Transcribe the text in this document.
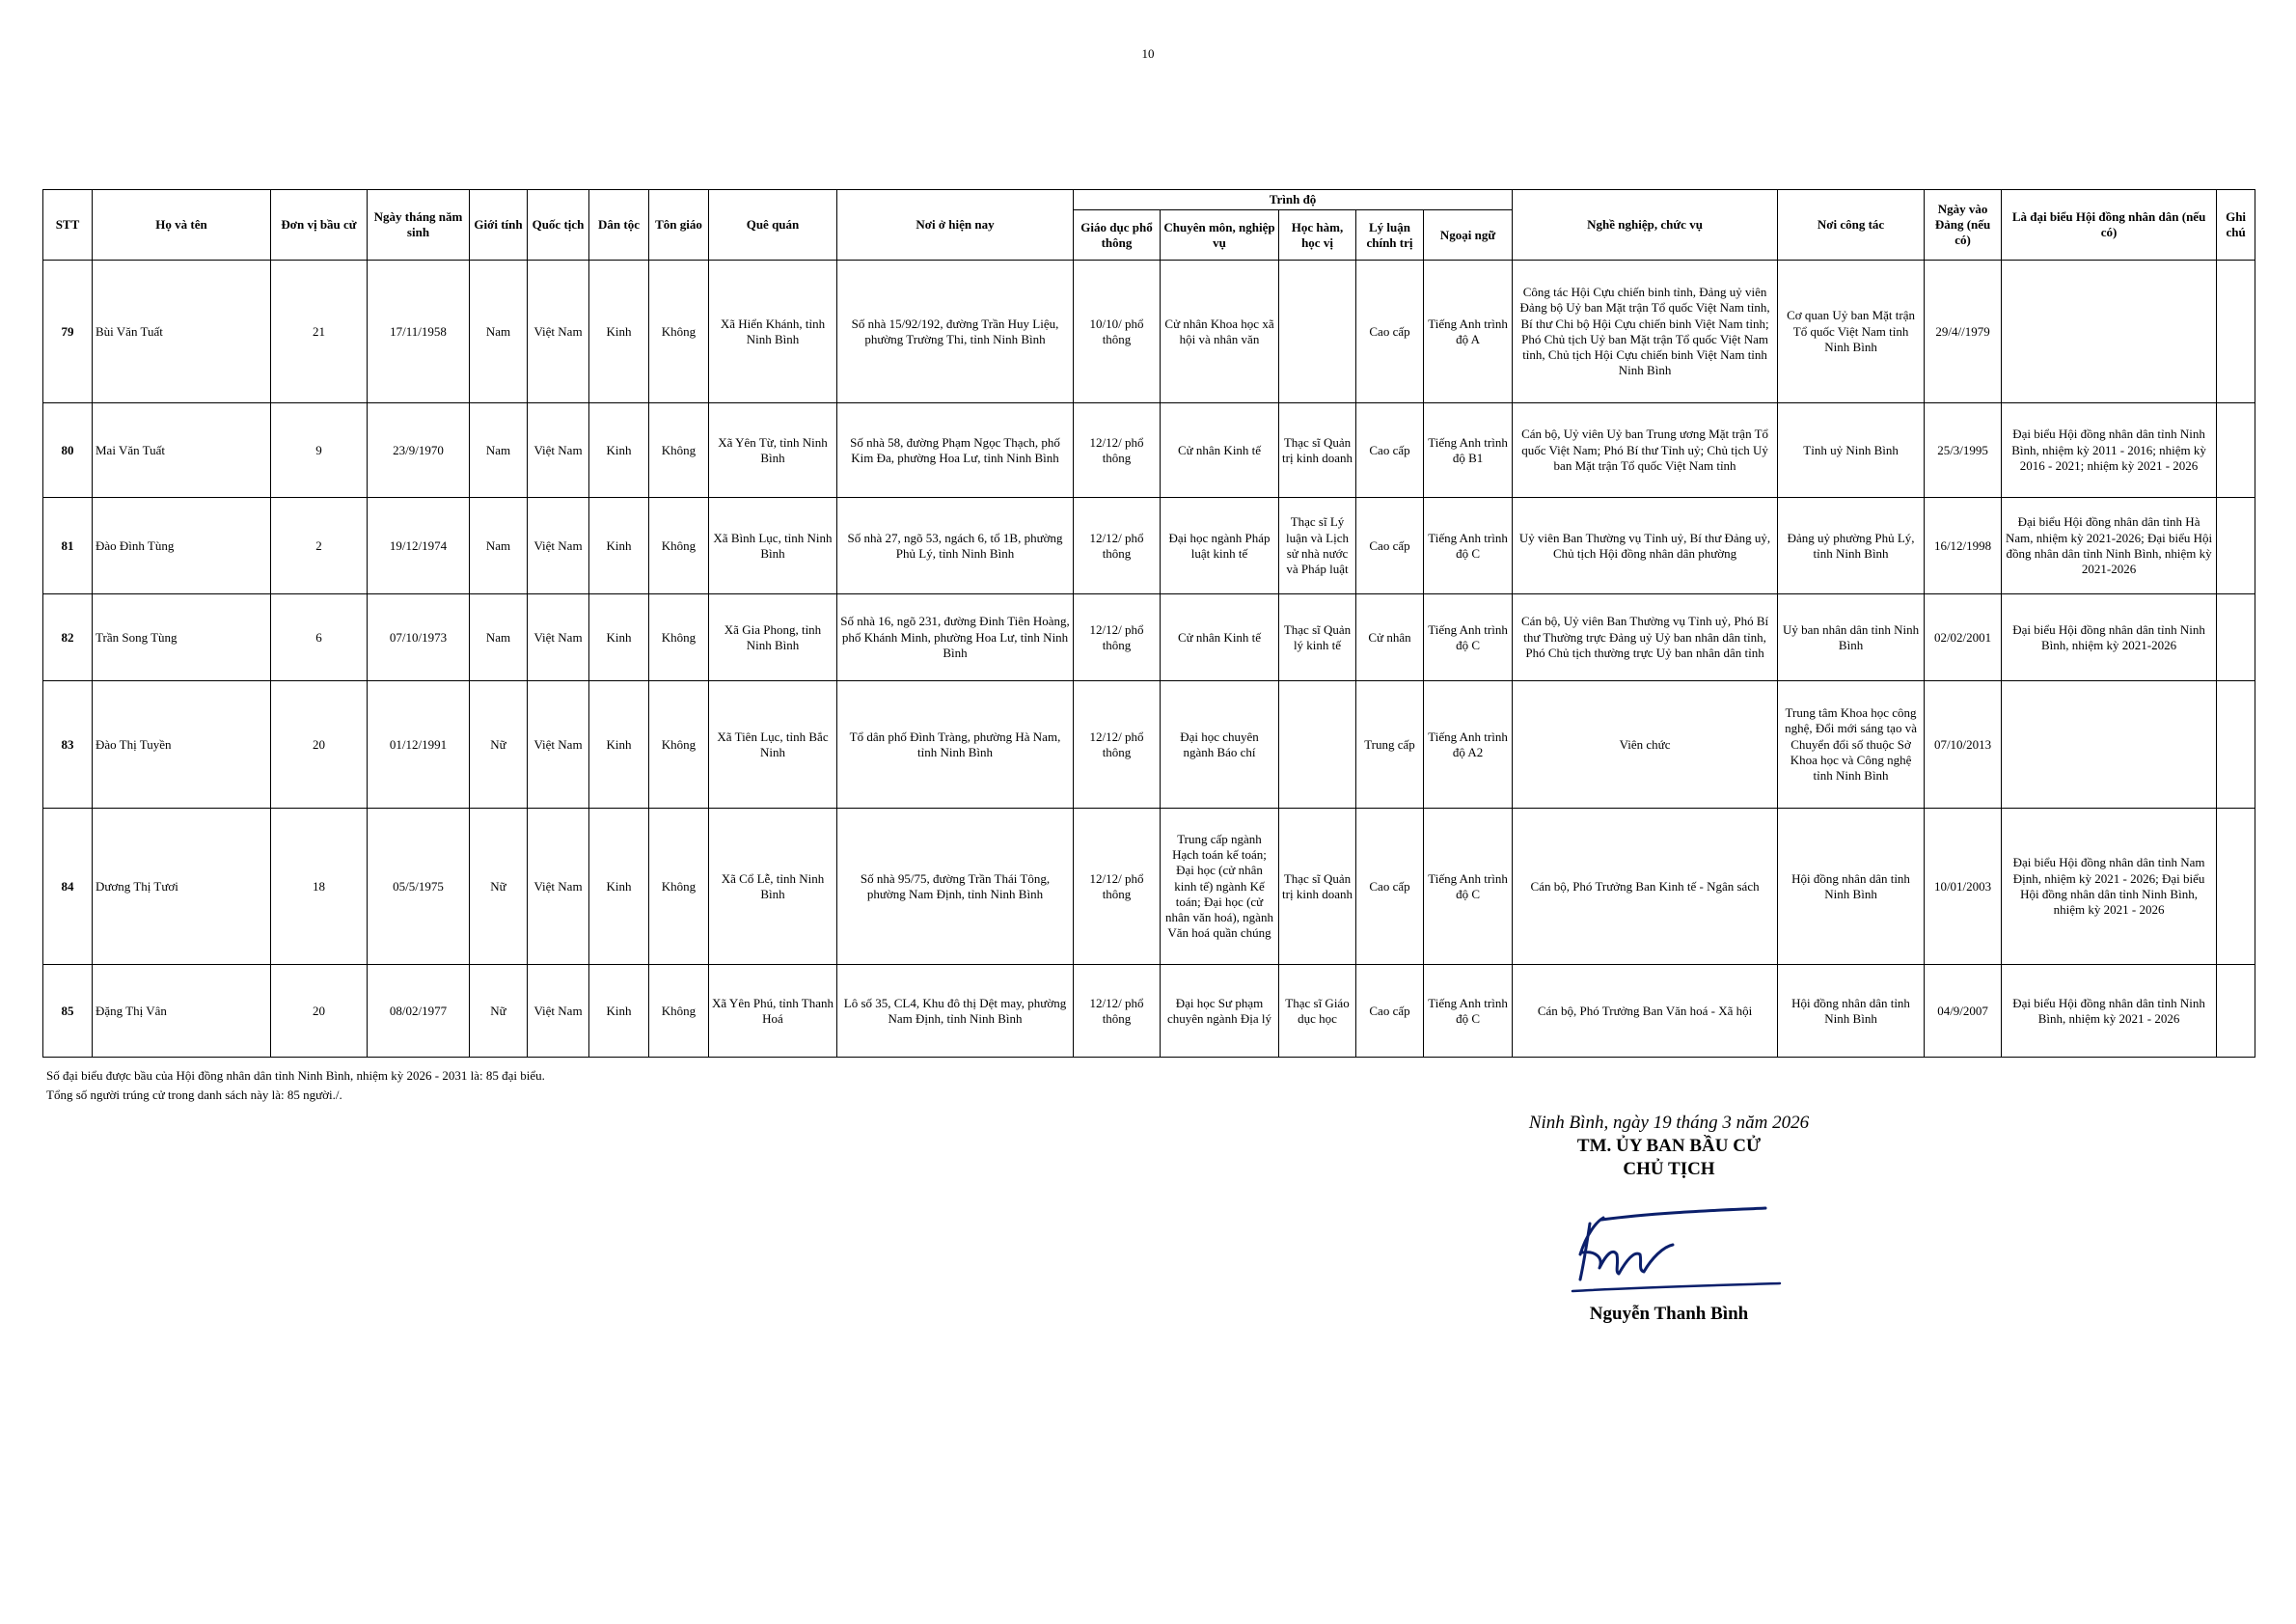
10
STT	Họ và tên	Đơn vị bầu cử	Ngày tháng năm sinh	Giới tính	Quốc tịch	Dân tộc	Tôn giáo	Quê quán	Nơi ở hiện nay	Trình độ					Nghề nghiệp, chức vụ	Nơi công tác	Ngày vào Đảng (nếu có)	Là đại biểu Hội đồng nhân dân (nếu có)	Ghi chú
										Giáo dục phổ thông	Chuyên môn, nghiệp vụ	Học hàm, học vị	Lý luận chính trị	Ngoại ngữ					
79	Bùi Văn Tuất	21	17/11/1958	Nam	Việt Nam	Kinh	Không	Xã Hiển Khánh, tỉnh Ninh Bình	Số nhà 15/92/192, đường Trần Huy Liệu, phường Trường Thi, tỉnh Ninh Bình	10/10/ phổ thông	Cử nhân Khoa học xã hội và nhân văn		Cao cấp	Tiếng Anh trình độ A	Công tác Hội Cựu chiến binh tỉnh, Đảng uỷ viên Đảng bộ Uỷ ban Mặt trận Tổ quốc Việt Nam tỉnh, Bí thư Chi bộ Hội Cựu chiến binh Việt Nam tỉnh; Phó Chủ tịch Uỷ ban Mặt trận Tổ quốc Việt Nam tỉnh, Chủ tịch Hội Cựu chiến binh Việt Nam tỉnh Ninh Bình	Cơ quan Uỷ ban Mặt trận Tổ quốc Việt Nam tỉnh Ninh Bình	29/4//1979		
80	Mai Văn Tuất	9	23/9/1970	Nam	Việt Nam	Kinh	Không	Xã Yên Từ, tỉnh Ninh Bình	Số nhà 58, đường Phạm Ngọc Thạch, phố Kim Đa, phường Hoa Lư, tỉnh Ninh Bình	12/12/ phổ thông	Cử nhân Kinh tế	Thạc sĩ Quản trị kinh doanh	Cao cấp	Tiếng Anh trình độ B1	Cán bộ, Uỷ viên Uỷ ban Trung ương Mặt trận Tổ quốc Việt Nam; Phó Bí thư Tỉnh uỷ; Chủ tịch Uỷ ban Mặt trận Tổ quốc Việt Nam tỉnh	Tỉnh uỷ Ninh Bình	25/3/1995	Đại biểu Hội đồng nhân dân tỉnh Ninh Bình, nhiệm kỳ 2011 - 2016; nhiệm kỳ 2016 - 2021; nhiệm kỳ 2021 - 2026	
81	Đào Đình Tùng	2	19/12/1974	Nam	Việt Nam	Kinh	Không	Xã Bình Lục, tỉnh Ninh Bình	Số nhà 27, ngõ 53, ngách 6, tổ 1B, phường Phủ Lý, tỉnh Ninh Bình	12/12/ phổ thông	Đại học ngành Pháp luật kinh tế	Thạc sĩ Lý luận và Lịch sử nhà nước và Pháp luật	Cao cấp	Tiếng Anh trình độ C	Uỷ viên Ban Thường vụ Tỉnh uỷ, Bí thư Đảng uỷ, Chủ tịch Hội đồng nhân dân phường	Đảng uỷ phường Phủ Lý, tỉnh Ninh Bình	16/12/1998	Đại biểu Hội đồng nhân dân tỉnh Hà Nam, nhiệm kỳ 2021-2026; Đại biểu Hội đồng nhân dân tỉnh Ninh Bình, nhiệm kỳ 2021-2026	
82	Trần Song Tùng	6	07/10/1973	Nam	Việt Nam	Kinh	Không	Xã Gia Phong, tỉnh Ninh Bình	Số nhà 16, ngõ 231, đường Đinh Tiên Hoàng, phố Khánh Minh, phường Hoa Lư, tỉnh Ninh Bình	12/12/ phổ thông	Cử nhân Kinh tế	Thạc sĩ Quản lý kinh tế	Cử nhân	Tiếng Anh trình độ C	Cán bộ, Uỷ viên Ban Thường vụ Tỉnh uỷ, Phó Bí thư Thường trực Đảng uỷ Uỷ ban nhân dân tỉnh, Phó Chủ tịch thường trực Uỷ ban nhân dân tỉnh	Uỷ ban nhân dân tỉnh Ninh Bình	02/02/2001	Đại biểu Hội đồng nhân dân tỉnh Ninh Bình, nhiệm kỳ 2021-2026	
83	Đào Thị Tuyền	20	01/12/1991	Nữ	Việt Nam	Kinh	Không	Xã Tiên Lục, tỉnh Bắc Ninh	Tổ dân phố Đình Tràng, phường Hà Nam, tỉnh Ninh Bình	12/12/ phổ thông	Đại học chuyên ngành Báo chí		Trung cấp	Tiếng Anh trình độ A2	Viên chức	Trung tâm Khoa học công nghệ, Đổi mới sáng tạo và Chuyển đổi số thuộc Sở Khoa học và Công nghệ tỉnh Ninh Bình	07/10/2013		
84	Dương Thị Tươi	18	05/5/1975	Nữ	Việt Nam	Kinh	Không	Xã Cổ Lễ, tỉnh Ninh Bình	Số nhà 95/75, đường Trần Thái Tông, phường Nam Định, tỉnh Ninh Bình	12/12/ phổ thông	Trung cấp ngành Hạch toán kế toán; Đại học (cử nhân kinh tế) ngành Kế toán; Đại học (cử nhân văn hoá), ngành Văn hoá quần chúng	Thạc sĩ Quản trị kinh doanh	Cao cấp	Tiếng Anh trình độ C	Cán bộ, Phó Trưởng Ban Kinh tế - Ngân sách	Hội đồng nhân dân tỉnh Ninh Bình	10/01/2003	Đại biểu Hội đồng nhân dân tỉnh Nam Định, nhiệm kỳ 2021 - 2026; Đại biểu Hội đồng nhân dân tỉnh Ninh Bình, nhiệm kỳ 2021 - 2026	
85	Đặng Thị Vân	20	08/02/1977	Nữ	Việt Nam	Kinh	Không	Xã Yên Phú, tỉnh Thanh Hoá	Lô số 35, CL4, Khu đô thị Dệt may, phường Nam Định, tỉnh Ninh Bình	12/12/ phổ thông	Đại học Sư phạm chuyên ngành Địa lý	Thạc sĩ Giáo dục học	Cao cấp	Tiếng Anh trình độ C	Cán bộ, Phó Trưởng Ban Văn hoá - Xã hội	Hội đồng nhân dân tỉnh Ninh Bình	04/9/2007	Đại biểu Hội đồng nhân dân tỉnh Ninh Bình, nhiệm kỳ 2021 - 2026	
Số đại biểu được bầu của Hội đồng nhân dân tỉnh Ninh Bình, nhiệm kỳ 2026 - 2031 là: 85 đại biểu.
Tổng số người trúng cử trong danh sách này là: 85 người./.
Ninh Bình, ngày 19 tháng 3 năm 2026
TM. ỦY BAN BẦU CỬ
CHỦ TỊCH
Nguyễn Thanh Bình
